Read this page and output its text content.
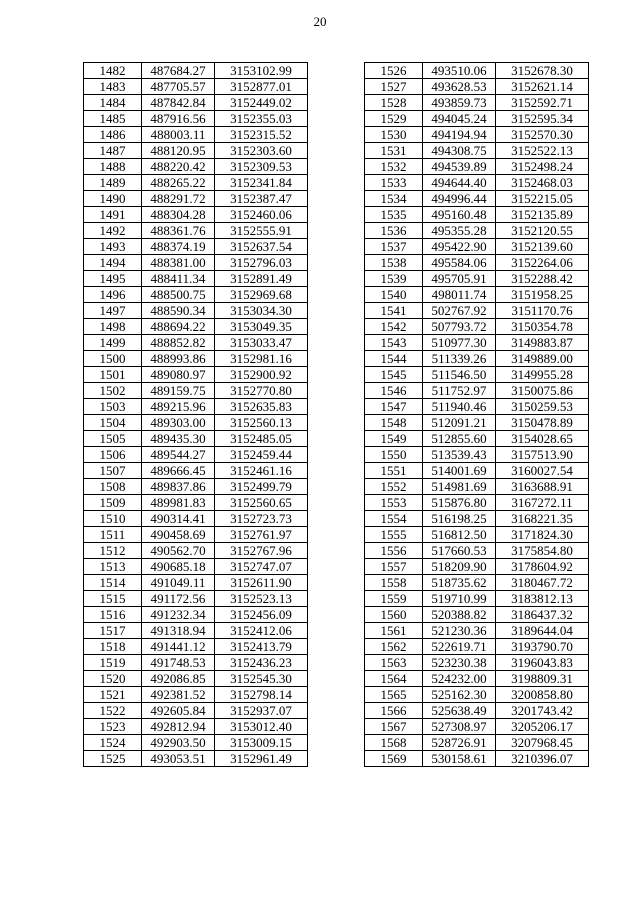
20
1482	487684.27	3153102.99
1483	487705.57	3152877.01
1484	487842.84	3152449.02
1485	487916.56	3152355.03
1486	488003.11	3152315.52
1487	488120.95	3152303.60
1488	488220.42	3152309.53
1489	488265.22	3152341.84
1490	488291.72	3152387.47
1491	488304.28	3152460.06
1492	488361.76	3152555.91
1493	488374.19	3152637.54
1494	488381.00	3152796.03
1495	488411.34	3152891.49
1496	488500.75	3152969.68
1497	488590.34	3153034.30
1498	488694.22	3153049.35
1499	488852.82	3153033.47
1500	488993.86	3152981.16
1501	489080.97	3152900.92
1502	489159.75	3152770.80
1503	489215.96	3152635.83
1504	489303.00	3152560.13
1505	489435.30	3152485.05
1506	489544.27	3152459.44
1507	489666.45	3152461.16
1508	489837.86	3152499.79
1509	489981.83	3152560.65
1510	490314.41	3152723.73
1511	490458.69	3152761.97
1512	490562.70	3152767.96
1513	490685.18	3152747.07
1514	491049.11	3152611.90
1515	491172.56	3152523.13
1516	491232.34	3152456.09
1517	491318.94	3152412.06
1518	491441.12	3152413.79
1519	491748.53	3152436.23
1520	492086.85	3152545.30
1521	492381.52	3152798.14
1522	492605.84	3152937.07
1523	492812.94	3153012.40
1524	492903.50	3153009.15
1525	493053.51	3152961.49
1526	493510.06	3152678.30
1527	493628.53	3152621.14
1528	493859.73	3152592.71
1529	494045.24	3152595.34
1530	494194.94	3152570.30
1531	494308.75	3152522.13
1532	494539.89	3152498.24
1533	494644.40	3152468.03
1534	494996.44	3152215.05
1535	495160.48	3152135.89
1536	495355.28	3152120.55
1537	495422.90	3152139.60
1538	495584.06	3152264.06
1539	495705.91	3152288.42
1540	498011.74	3151958.25
1541	502767.92	3151170.76
1542	507793.72	3150354.78
1543	510977.30	3149883.87
1544	511339.26	3149889.00
1545	511546.50	3149955.28
1546	511752.97	3150075.86
1547	511940.46	3150259.53
1548	512091.21	3150478.89
1549	512855.60	3154028.65
1550	513539.43	3157513.90
1551	514001.69	3160027.54
1552	514981.69	3163688.91
1553	515876.80	3167272.11
1554	516198.25	3168221.35
1555	516812.50	3171824.30
1556	517660.53	3175854.80
1557	518209.90	3178604.92
1558	518735.62	3180467.72
1559	519710.99	3183812.13
1560	520388.82	3186437.32
1561	521230.36	3189644.04
1562	522619.71	3193790.70
1563	523230.38	3196043.83
1564	524232.00	3198809.31
1565	525162.30	3200858.80
1566	525638.49	3201743.42
1567	527308.97	3205206.17
1568	528726.91	3207968.45
1569	530158.61	3210396.07
